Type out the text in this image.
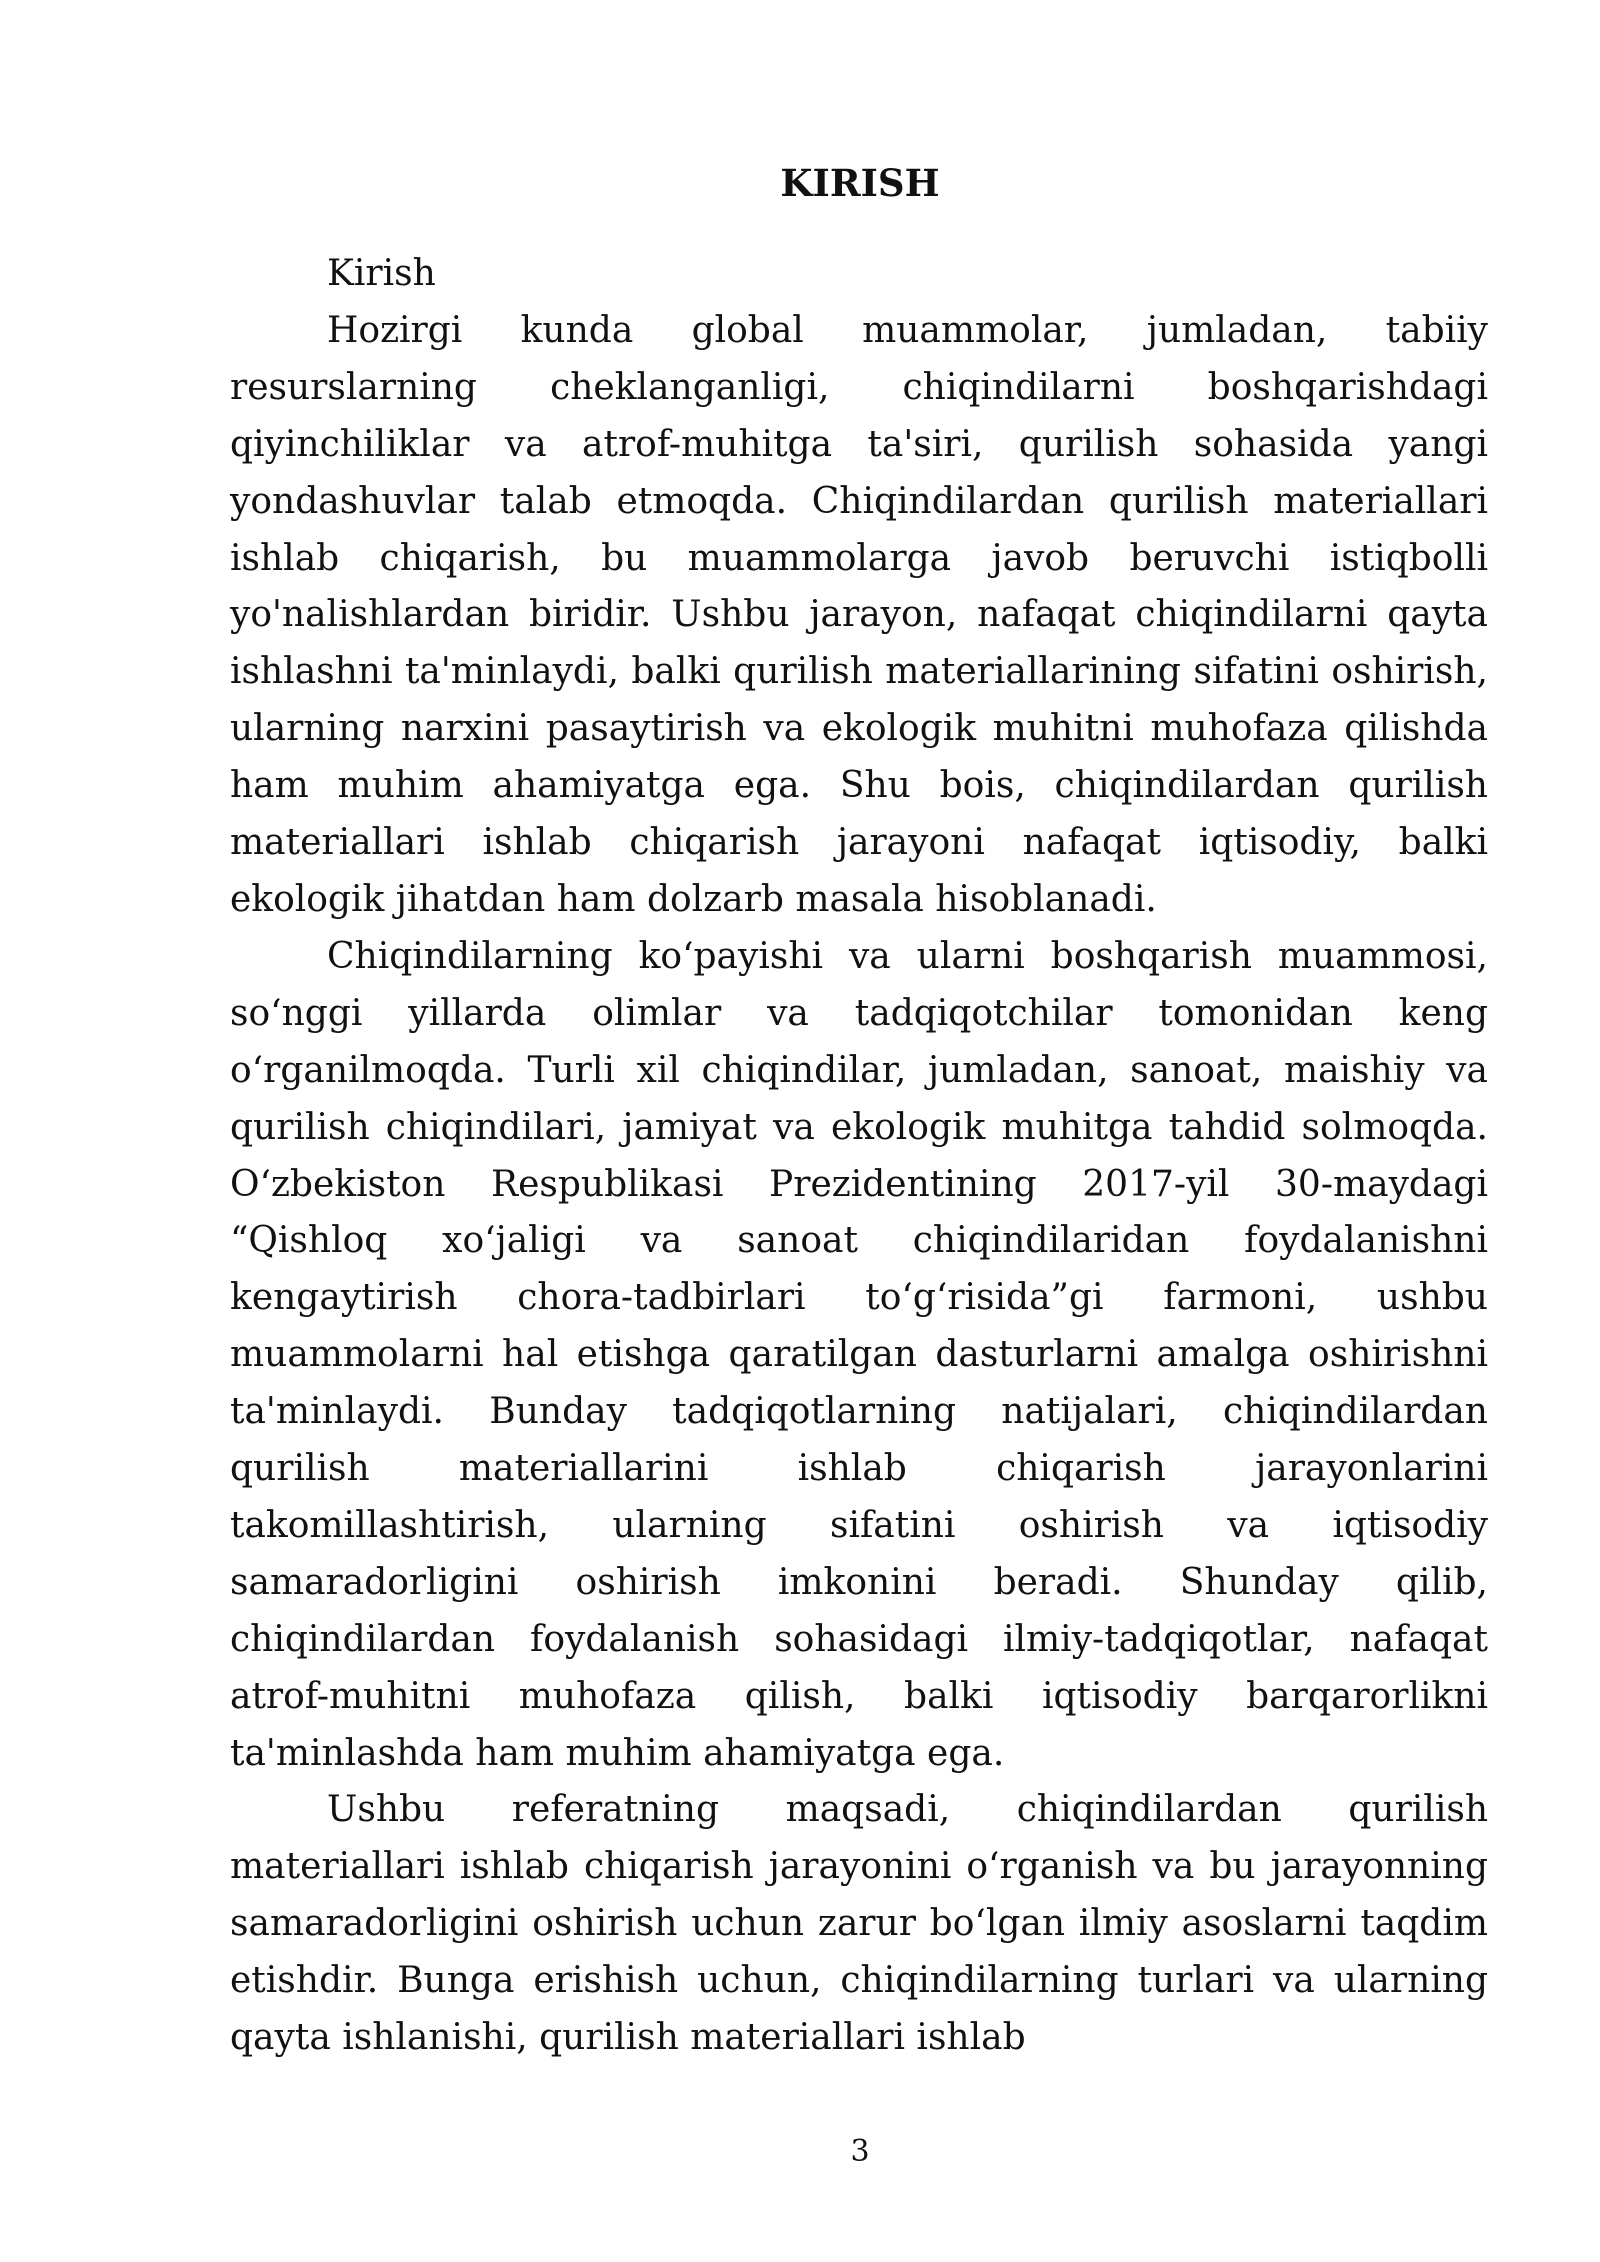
KIRISH

Kirish

Hozirgi kunda global muammolar, jumladan, tabiiy resurslarning cheklanganligi, chiqindilarni boshqarishdagi qiyinchiliklar va atrof-muhitga ta'siri, qurilish sohasida yangi yondashuvlar talab etmoqda. Chiqindilardan qurilish materiallari ishlab chiqarish, bu muammolarga javob beruvchi istiqbolli yo'nalishlardan biridir. Ushbu jarayon, nafaqat chiqindilarni qayta ishlashni ta'minlaydi, balki qurilish materiallarining sifatini oshirish, ularning narxini pasaytirish va ekologik muhitni muhofaza qilishda ham muhim ahamiyatga ega. Shu bois, chiqindilardan qurilish materiallari ishlab chiqarish jarayoni nafaqat iqtisodiy, balki ekologik jihatdan ham dolzarb masala hisoblanadi.

Chiqindilarning koʻpayishi va ularni boshqarish muammosi, soʻnggi yillarda olimlar va tadqiqotchilar tomonidan keng oʻrganilmoqda. Turli xil chiqindilar, jumladan, sanoat, maishiy va qurilish chiqindilari, jamiyat va ekologik muhitga tahdid solmoqda. Oʻzbekiston Respublikasi Prezidentining 2017-yil 30-maydagi “Qishloq xoʻjaligi va sanoat chiqindilaridan foydalanishni kengaytirish chora-tadbirlari toʻgʻrisida”gi farmoni, ushbu muammolarni hal etishga qaratilgan dasturlarni amalga oshirishni ta'minlaydi. Bunday tadqiqotlarning natijalari, chiqindilardan qurilish materiallarini ishlab chiqarish jarayonlarini takomillashtirish, ularning sifatini oshirish va iqtisodiy samaradorligini oshirish imkonini beradi. Shunday qilib, chiqindilardan foydalanish sohasidagi ilmiy-tadqiqotlar, nafaqat atrof-muhitni muhofaza qilish, balki iqtisodiy barqarorlikni ta'minlashda ham muhim ahamiyatga ega.

Ushbu referatning maqsadi, chiqindilardan qurilish materiallari ishlab chiqarish jarayonini oʻrganish va bu jarayonning samaradorligini oshirish uchun zarur boʻlgan ilmiy asoslarni taqdim etishdir. Bunga erishish uchun, chiqindilarning turlari va ularning qayta ishlanishi, qurilish materiallari ishlab

3
